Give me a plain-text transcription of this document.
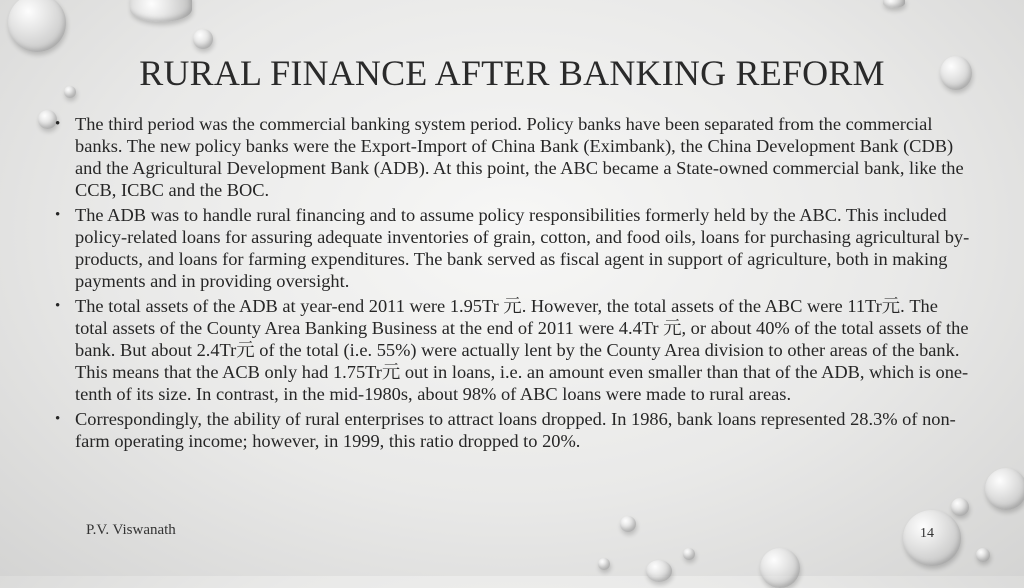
RURAL FINANCE AFTER BANKING REFORM
• The third period was the commercial banking system period. Policy banks have been separated from the commercial banks. The new policy banks were the Export-Import of China Bank (Eximbank), the China Development Bank (CDB) and the Agricultural Development Bank (ADB). At this point, the ABC became a State-owned commercial bank, like the CCB, ICBC and the BOC.
• The ADB was to handle rural financing and to assume policy responsibilities formerly held by the ABC. This included policy-related loans for assuring adequate inventories of grain, cotton, and food oils, loans for purchasing agricultural by-products, and loans for farming expenditures. The bank served as fiscal agent in support of agriculture, both in making payments and in providing oversight.
• The total assets of the ADB at year-end 2011 were 1.95Tr 元. However, the total assets of the ABC were 11Tr元. The total assets of the County Area Banking Business at the end of 2011 were 4.4Tr 元, or about 40% of the total assets of the bank. But about 2.4Tr元 of the total (i.e. 55%) were actually lent by the County Area division to other areas of the bank. This means that the ACB only had 1.75Tr元 out in loans, i.e. an amount even smaller than that of the ADB, which is one-tenth of its size. In contrast, in the mid-1980s, about 98% of ABC loans were made to rural areas.
• Correspondingly, the ability of rural enterprises to attract loans dropped. In 1986, bank loans represented 28.3% of non-farm operating income; however, in 1999, this ratio dropped to 20%.
P.V. Viswanath	14
